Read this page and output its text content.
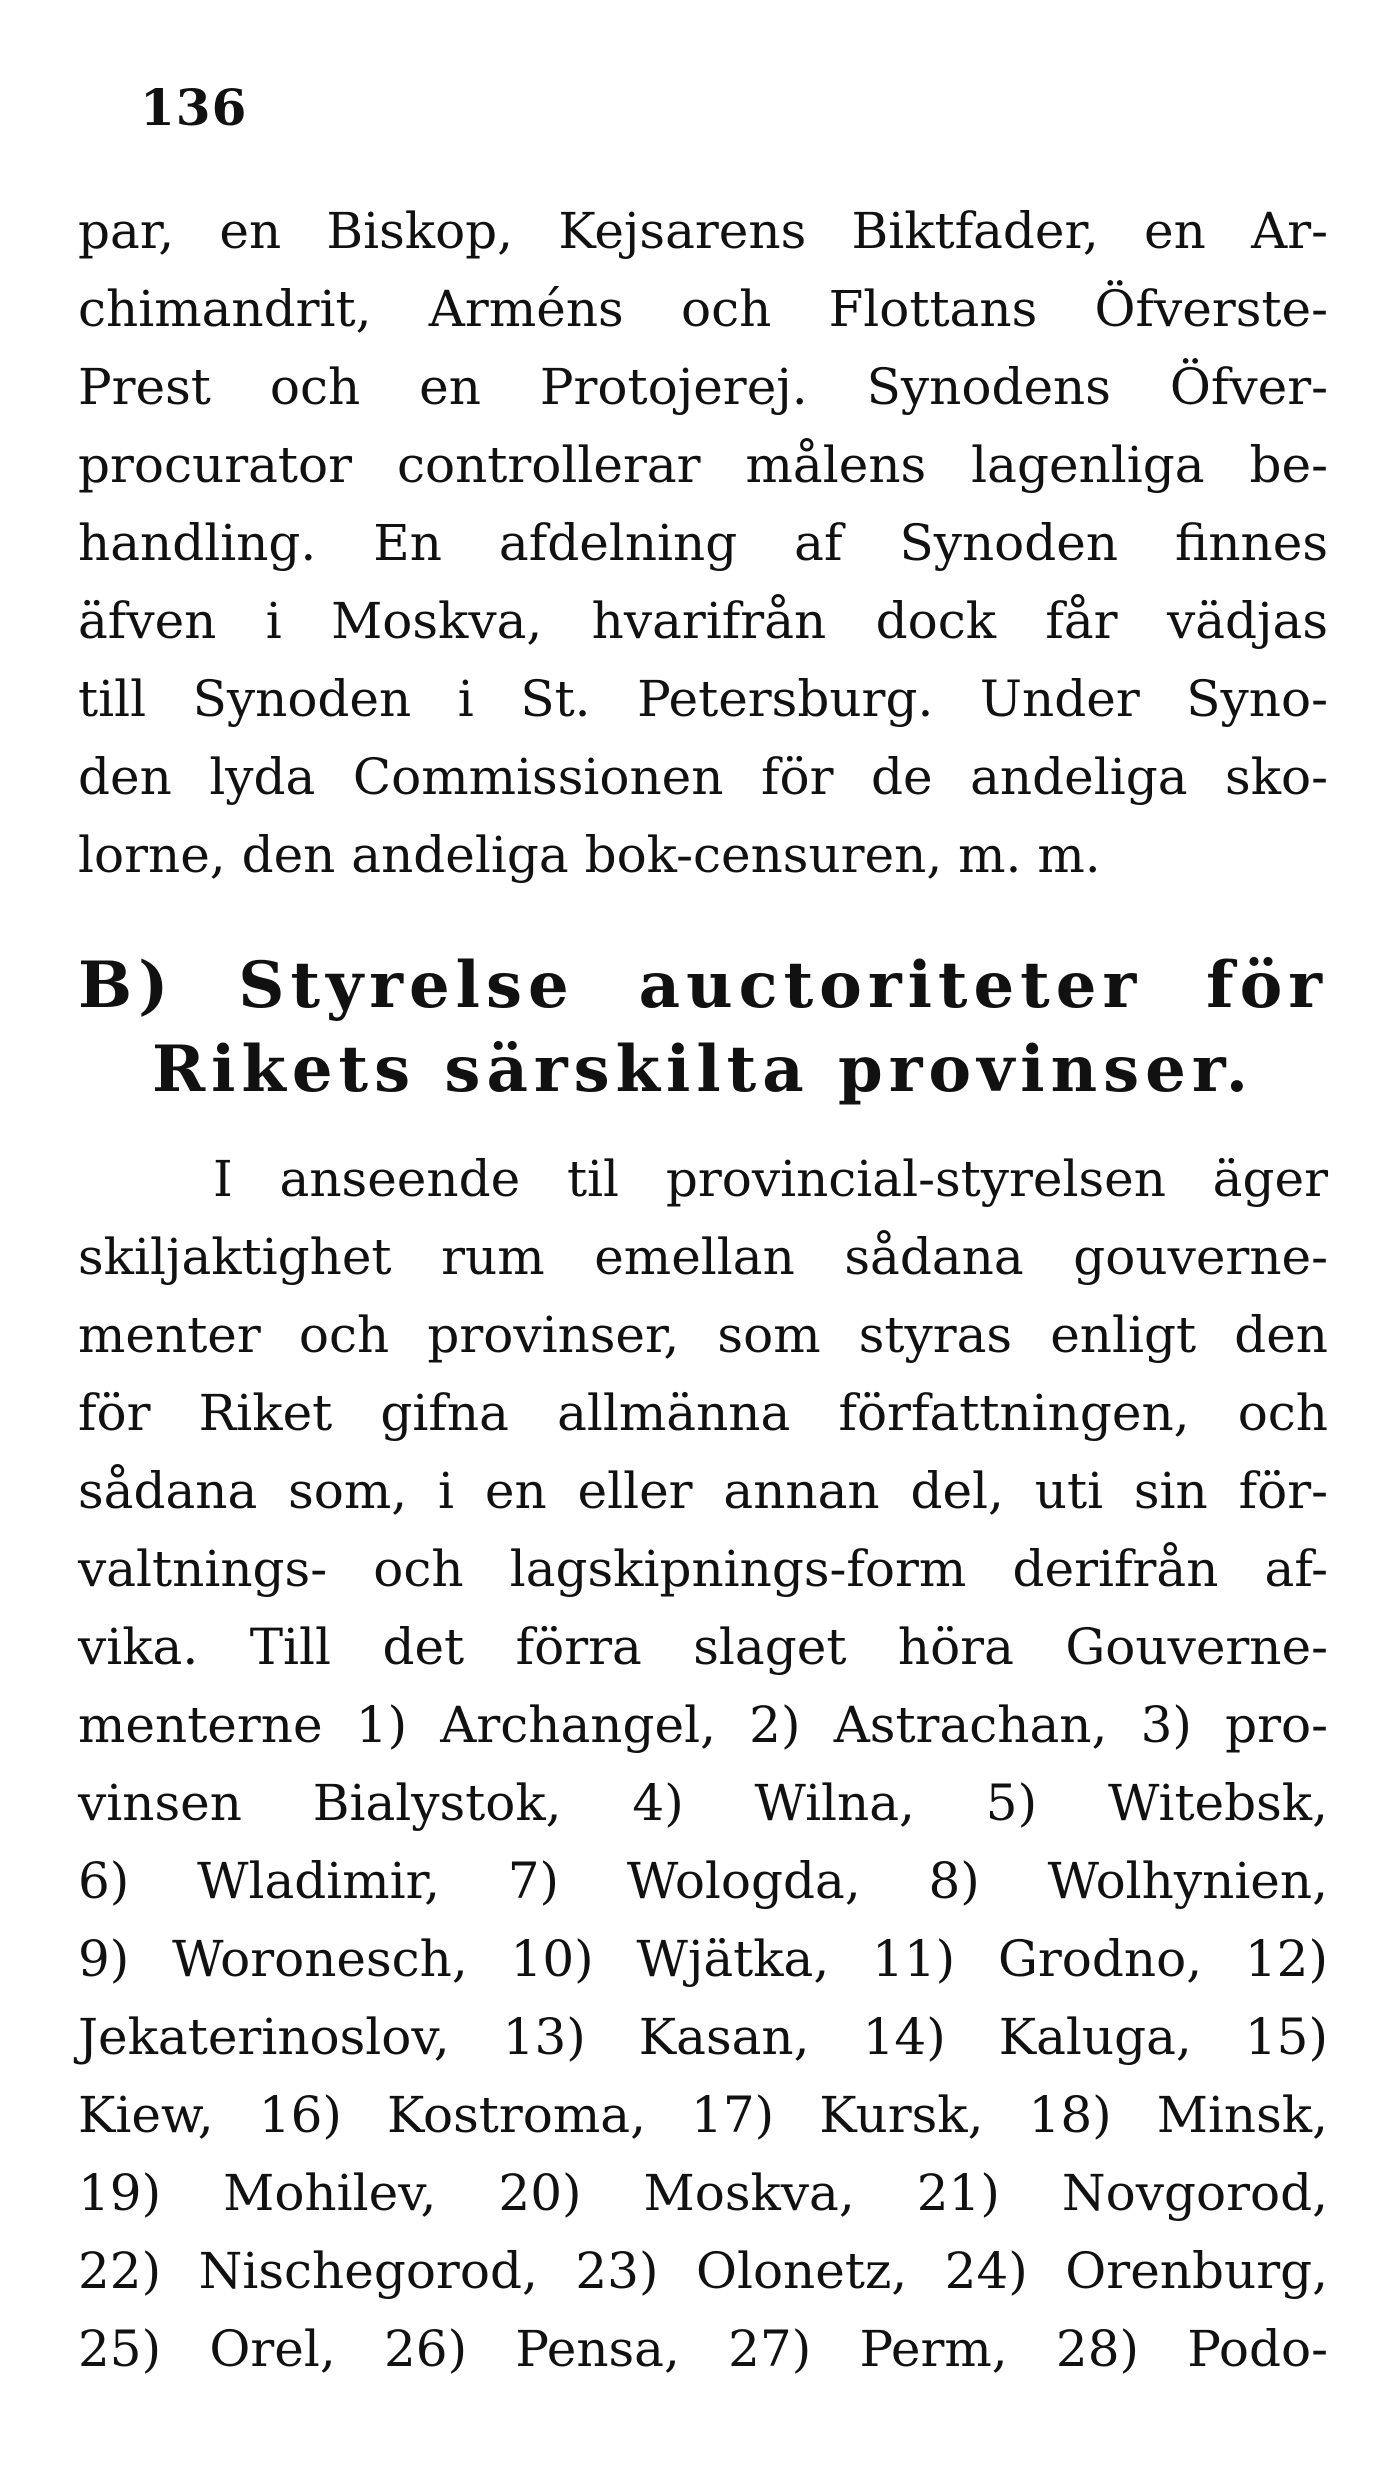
136
par, en Biskop, Kejsarens Biktfader, en Ar-
chimandrit, Arméns och Flottans Öfverste-
Prest och en Protojerej. Synodens Öfver-
procurator controllerar målens lagenliga be-
handling. En afdelning af Synoden finnes
äfven i Moskva, hvarifrån dock får vädjas
till Synoden i St. Petersburg. Under Syno-
den lyda Commissionen för de andeliga sko-
lorne, den andeliga bok-censuren, m. m.
B) Styrelse auctoriteter för
Rikets särskilta provinser.
I anseende til provincial-styrelsen äger
skiljaktighet rum emellan sådana gouverne-
menter och provinser, som styras enligt den
för Riket gifna allmänna författningen, och
sådana som, i en eller annan del, uti sin för-
valtnings- och lagskipnings-form derifrån af-
vika. Till det förra slaget höra Gouverne-
menterne 1) Archangel, 2) Astrachan, 3) pro-
vinsen Bialystok, 4) Wilna, 5) Witebsk,
6) Wladimir, 7) Wologda, 8) Wolhynien,
9) Woronesch, 10) Wjätka, 11) Grodno, 12)
Jekaterinoslov, 13) Kasan, 14) Kaluga, 15)
Kiew, 16) Kostroma, 17) Kursk, 18) Minsk,
19) Mohilev, 20) Moskva, 21) Novgorod,
22) Nischegorod, 23) Olonetz, 24) Orenburg,
25) Orel, 26) Pensa, 27) Perm, 28) Podo-
